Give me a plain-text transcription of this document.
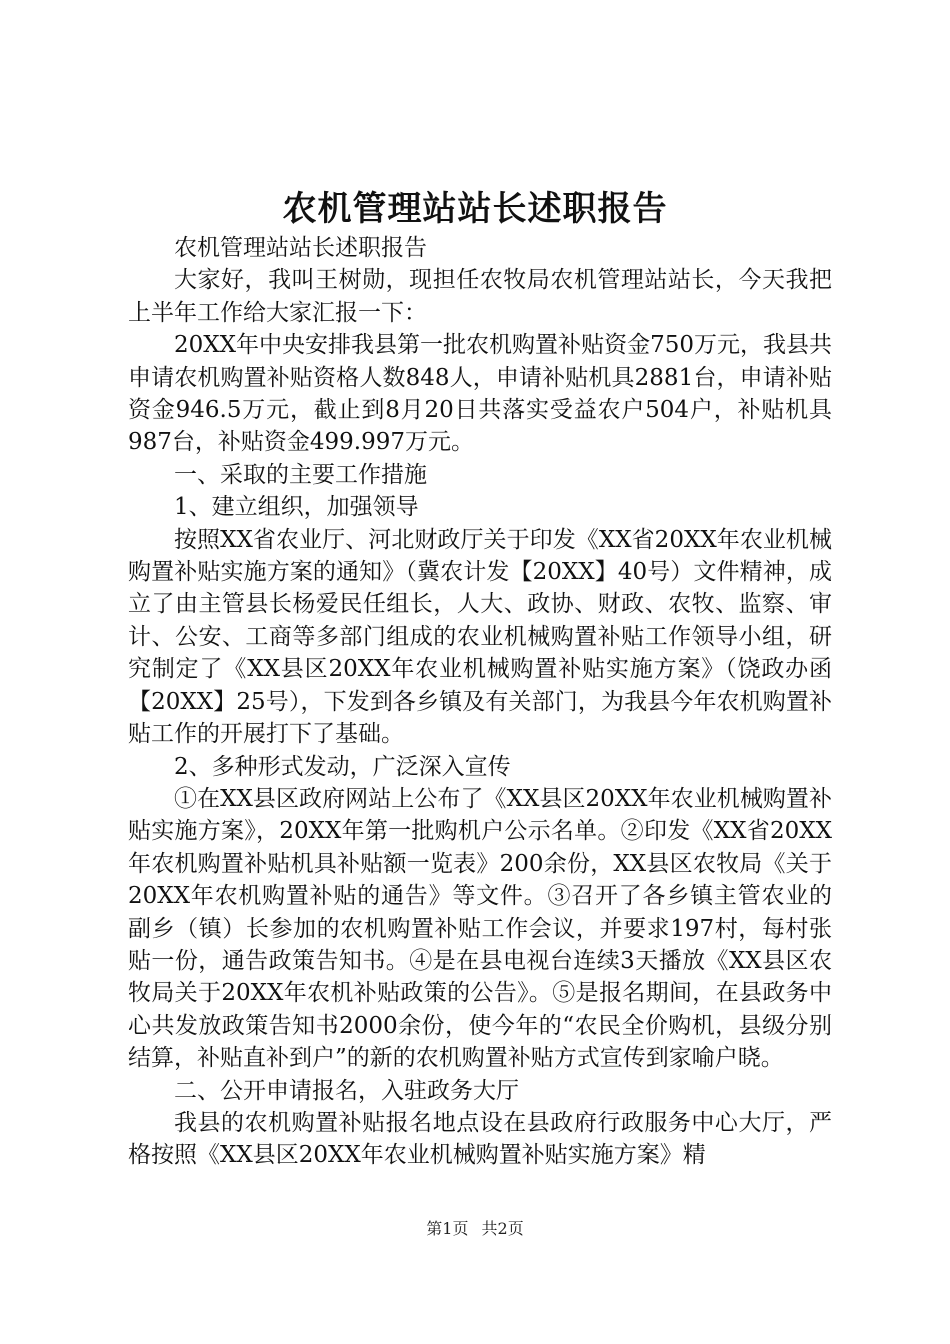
农机管理站站长述职报告

农机管理站站长述职报告

大家好，我叫王树勋，现担任农牧局农机管理站站长，今天我把上半年工作给大家汇报一下：

20XX年中央安排我县第一批农机购置补贴资金750万元，我县共申请农机购置补贴资格人数848人，申请补贴机具2881台，申请补贴资金946.5万元，截止到8月20日共落实受益农户504户，补贴机具987台，补贴资金499.997万元。

一、采取的主要工作措施

1、建立组织，加强领导

按照XX省农业厅、河北财政厅关于印发《XX省20XX年农业机械购置补贴实施方案的通知》（冀农计发【20XX】40号）文件精神，成立了由主管县长杨爱民任组长，人大、政协、财政、农牧、监察、审计、公安、工商等多部门组成的农业机械购置补贴工作领导小组，研究制定了《XX县区20XX年农业机械购置补贴实施方案》（饶政办函【20XX】25号），下发到各乡镇及有关部门，为我县今年农机购置补贴工作的开展打下了基础。

2、多种形式发动，广泛深入宣传

①在XX县区政府网站上公布了《XX县区20XX年农业机械购置补贴实施方案》，20XX年第一批购机户公示名单。②印发《XX省20XX年农机购置补贴机具补贴额一览表》200余份，XX县区农牧局《关于20XX年农机购置补贴的通告》等文件。③召开了各乡镇主管农业的副乡（镇）长参加的农机购置补贴工作会议，并要求197村，每村张贴一份，通告政策告知书。④是在县电视台连续3天播放《XX县区农牧局关于20XX年农机补贴政策的公告》。⑤是报名期间，在县政务中心共发放政策告知书2000余份，使今年的“农民全价购机，县级分别结算，补贴直补到户”的新的农机购置补贴方式宣传到家喻户晓。

二、公开申请报名，入驻政务大厅

我县的农机购置补贴报名地点设在县政府行政服务中心大厅，严格按照《XX县区20XX年农业机械购置补贴实施方案》精

第1页 共2页
